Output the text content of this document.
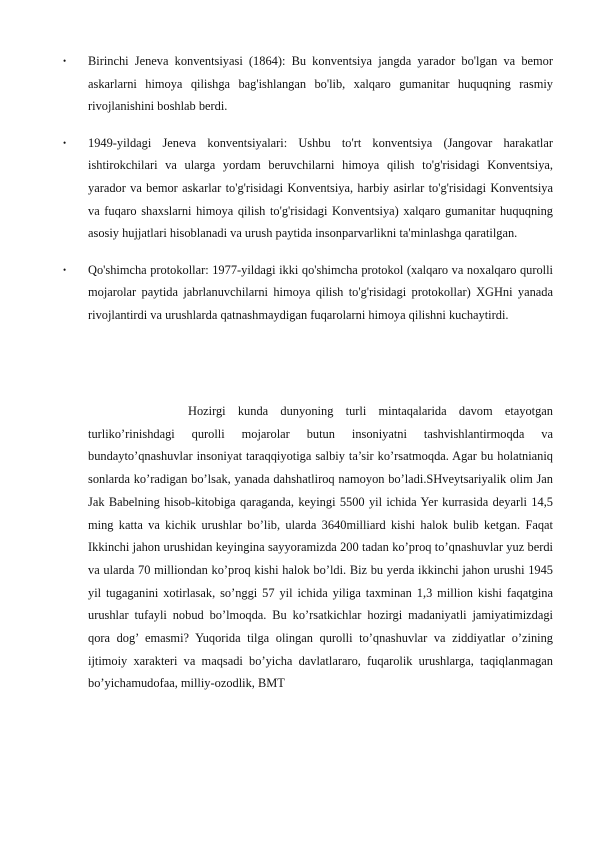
• Birinchi Jeneva konventsiyasi (1864): Bu konventsiya jangda yarador bo'lgan va bemor askarlarni himoya qilishga bag'ishlangan bo'lib, xalqaro gumanitar huquqning rasmiy rivojlanishini boshlab berdi.
• 1949-yildagi Jeneva konventsiyalari: Ushbu to'rt konventsiya (Jangovar harakatlar ishtirokchilari va ularga yordam beruvchilarni himoya qilish to'g'risidagi Konventsiya, yarador va bemor askarlar to'g'risidagi Konventsiya, harbiy asirlar to'g'risidagi Konventsiya va fuqaro shaxslarni himoya qilish to'g'risidagi Konventsiya) xalqaro gumanitar huquqning asosiy hujjatlari hisoblanadi va urush paytida insonparvarlikni ta'minlashga qaratilgan.
• Qo'shimcha protokollar: 1977-yildagi ikki qo'shimcha protokol (xalqaro va noxalqaro qurolli mojarolar paytida jabrlanuvchilarni himoya qilish to'g'risidagi protokollar) XGHni yanada rivojlantirdi va urushlarda qatnashmaydigan fuqarolarni himoya qilishni kuchaytirdi.

Hozirgi kunda dunyoning turli mintaqalarida davom etayotgan turliko’rinishdagi qurolli mojarolar butun insoniyatni tashvishlantirmoqda va bundayto’qnashuvlar insoniyat taraqqiyotiga salbiy ta’sir ko’rsatmoqda. Agar bu holatnianiq sonlarda ko’radigan bo’lsak, yanada dahshatliroq namoyon bo’ladi.SHveytsariyalik olim Jan Jak Babelning hisob-kitobiga qaraganda, keyingi 5500 yil ichida Yer kurrasida deyarli 14,5 ming katta va kichik urushlar bo’lib, ularda 3640milliard kishi halok bulib ketgan. Faqat Ikkinchi jahon urushidan keyingina sayyoramizda 200 tadan ko’proq to’qnashuvlar yuz berdi va ularda 70 milliondan ko’proq kishi halok bo’ldi. Biz bu yerda ikkinchi jahon urushi 1945 yil tugaganini xotirlasak, so’nggi 57 yil ichida yiliga taxminan 1,3 million kishi faqatgina urushlar tufayli nobud bo’lmoqda. Bu ko’rsatkichlar hozirgi madaniyatli jamiyatimizdagi qora dog’ emasmi? Yuqorida tilga olingan qurolli to’qnashuvlar va ziddiyatlar o’zining ijtimoiy xarakteri va maqsadi bo’yicha davlatlararo, fuqarolik urushlarga, taqiqlanmagan bo’yichamudofaa, milliy-ozodlik, BMT
